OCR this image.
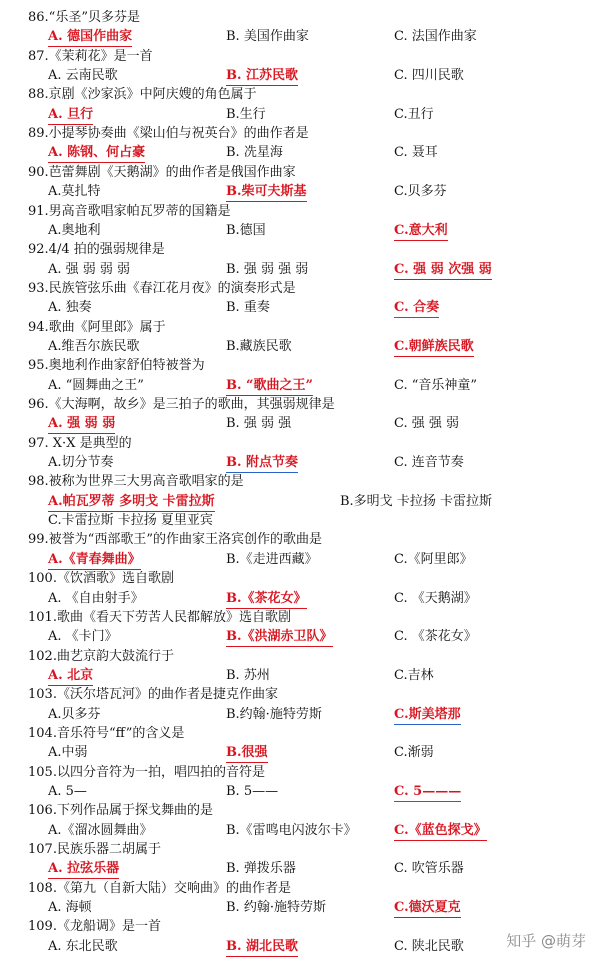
86.“乐圣”贝多芬是
A. 德国作曲家	B. 美国作曲家	C. 法国作曲家
87.《茉莉花》是一首
A. 云南民歌	B. 江苏民歌	C. 四川民歌
88.京剧《沙家浜》中阿庆嫂的角色属于
A. 旦行	B.生行	C.丑行
89.小提琴协奏曲《梁山伯与祝英台》的曲作者是
A. 陈钢、何占豪	B. 冼星海	C. 聂耳
90.芭蕾舞剧《天鹅湖》的曲作者是俄国作曲家
A.莫扎特	B.柴可夫斯基	C.贝多芬
91.男高音歌唱家帕瓦罗蒂的国籍是
A.奥地利	B.德国	C.意大利
92.4/4 拍的强弱规律是
A. 强 弱 弱 弱	B. 强 弱 强 弱	C. 强 弱 次强 弱
93.民族管弦乐曲《春江花月夜》的演奏形式是
A. 独奏	B. 重奏	C. 合奏
94.歌曲《阿里郎》属于
A.维吾尔族民歌	B.藏族民歌	C.朝鲜族民歌
95.奥地利作曲家舒伯特被誉为
A. “圆舞曲之王”	B. “歌曲之王”	C. “音乐神童”
96.《大海啊，故乡》是三拍子的歌曲，其强弱规律是
A. 强 弱 弱	B. 强 弱 强	C. 强 强 弱
97. X·X 是典型的
A.切分节奏	B. 附点节奏	C. 连音节奏
98.被称为世界三大男高音歌唱家的是
A.帕瓦罗蒂 多明戈 卡雷拉斯	B.多明戈 卡拉扬 卡雷拉斯
C.卡雷拉斯 卡拉扬 夏里亚宾
99.被誉为“西部歌王”的作曲家王洛宾创作的歌曲是
A.《青春舞曲》	B.《走进西藏》	C.《阿里郎》
100.《饮酒歌》选自歌剧
A. 《自由射手》	B.《茶花女》	C. 《天鹅湖》
101.歌曲《看天下劳苦人民都解放》选自歌剧
A. 《卡门》	B.《洪湖赤卫队》	C. 《茶花女》
102.曲艺京韵大鼓流行于
A. 北京	B. 苏州	C.吉林
103.《沃尔塔瓦河》的曲作者是捷克作曲家
A.贝多芬	B.约翰·施特劳斯	C.斯美塔那
104.音乐符号“ff”的含义是
A.中弱	B.很强	C.渐弱
105.以四分音符为一拍，唱四拍的音符是
A. 5—	B. 5——	C. 5———
106.下列作品属于探戈舞曲的是
A.《溜冰圆舞曲》	B.《雷鸣电闪波尔卡》	C.《蓝色探戈》
107.民族乐器二胡属于
A. 拉弦乐器	B. 弹拨乐器	C. 吹管乐器
108.《第九（自新大陆）交响曲》的曲作者是
A. 海顿	B. 约翰·施特劳斯	C.德沃夏克
109.《龙船调》是一首
A. 东北民歌	B. 湖北民歌	C. 陕北民歌	知乎 @萌芽
